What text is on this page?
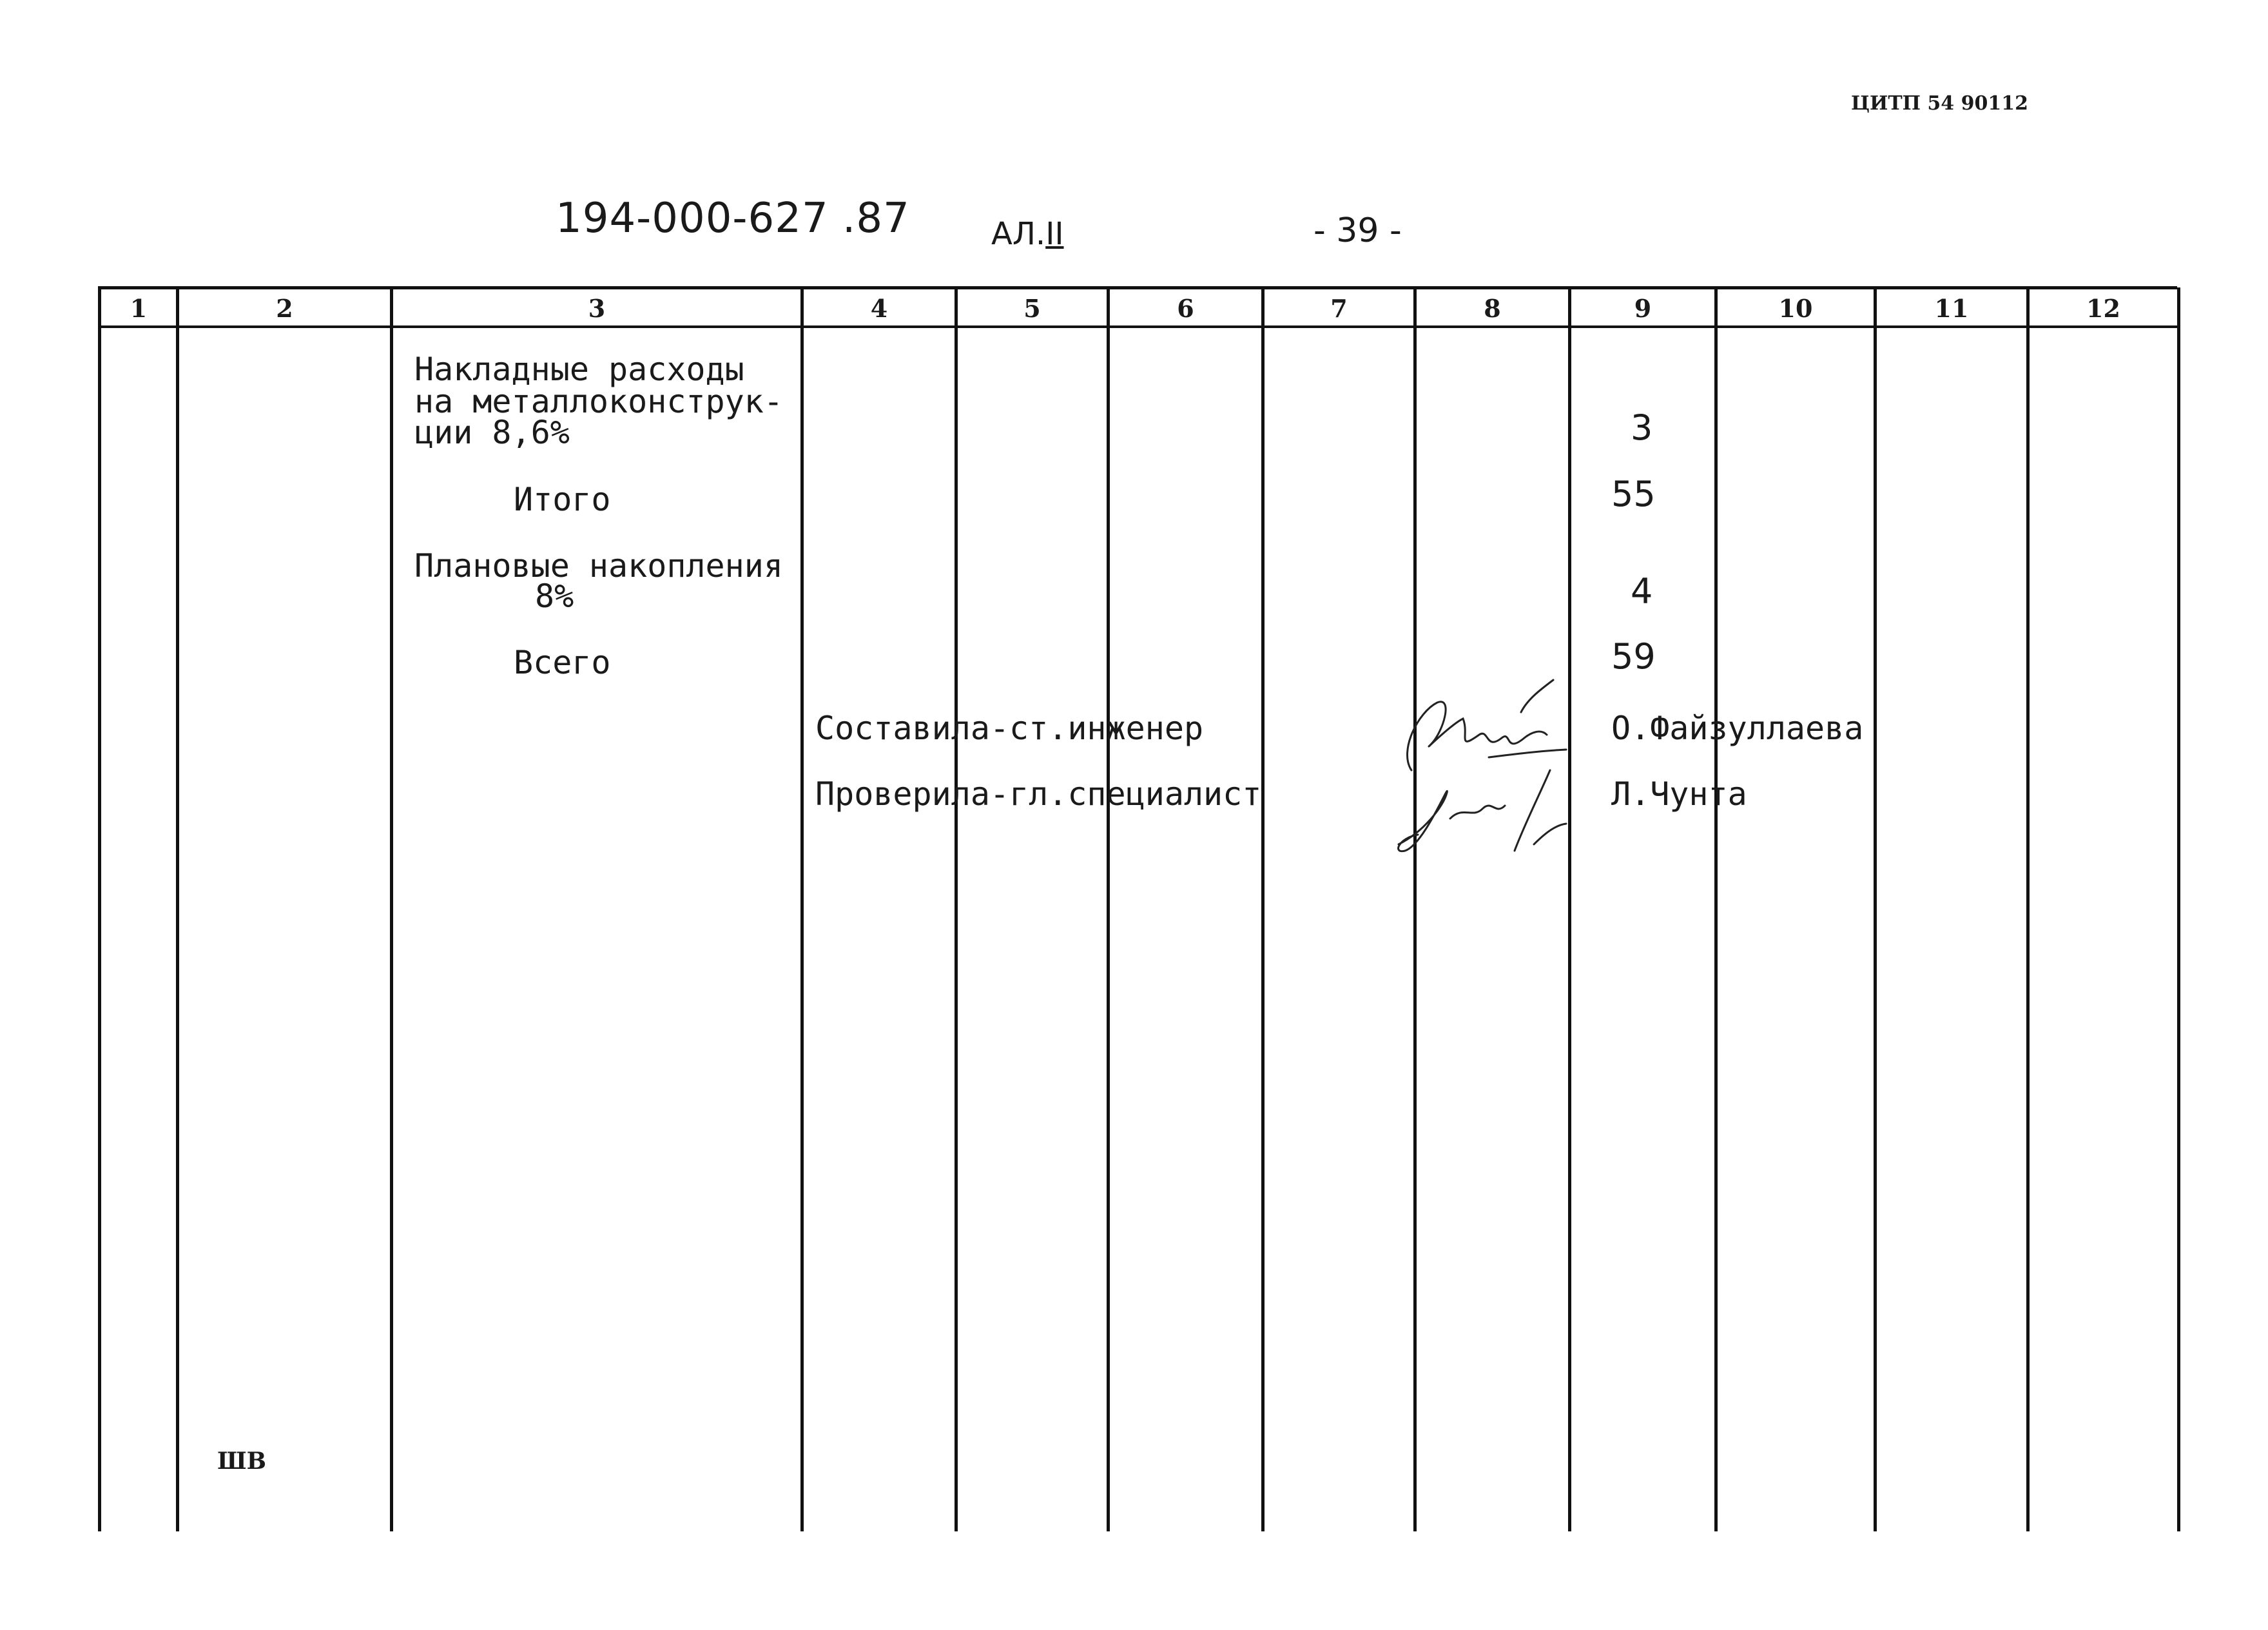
ЦИТП 54 90112
194-000-627 .87	АЛ.II	- 39 -
1	2	3	4	5	6	7	8	9	10	11	12
Накладные расходы
на металлоконструк-
ции 8,6%	3
Итого	55
Плановые накопления
8%	4
Всего	59
Составила-ст.инженер	О.Файзуллаева
Проверила-гл.специалист	Л.Чунта
ШВ
